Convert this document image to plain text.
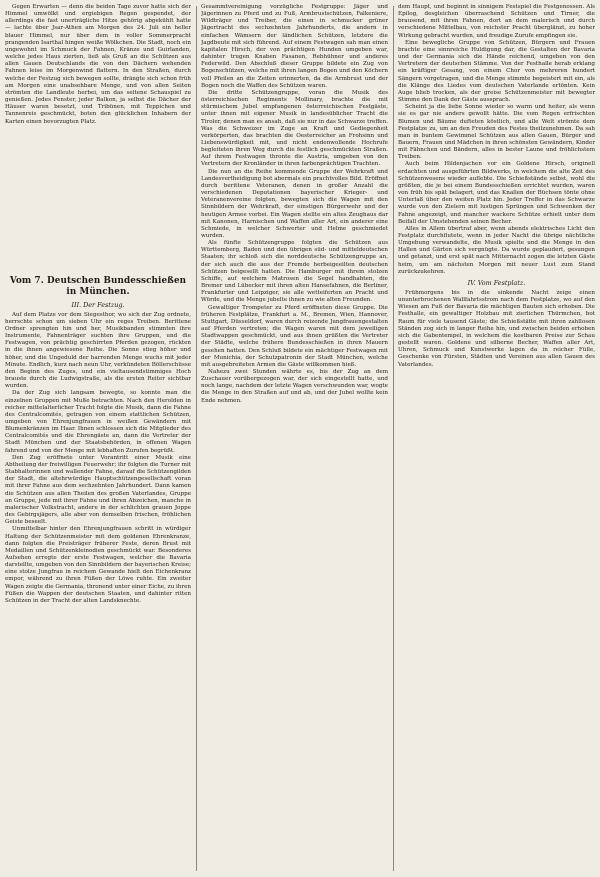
Gegen Erwarten — denn die beiden Tage zuvor hatte sich der Himmel umwölkt und ergiebigen Regen gespendet, der allerdings die fast unerträgliche Hitze gehörig abgekühlt hatte — lachte über Jsar-Athen am Morgen des 24. Juli ein heller blauer Himmel, nur über dem in voller Sommerpracht prangenden Isarthal hingen weiße Wölkchen. Die Stadt, noch ein ungewohnt im Schmuck der Fahnen, Kränze und Guirlanden, welche jedes Haus zierten, ließ als Gruß an die Schützen aus allen Gauen Deutschlands die von den Dächern wehenden Fahnen leise im Morgenwind flattern. In den Straßen, durch welche der Festzug sich bewegen sollte, drängte sich schon früh am Morgen eine unabsehbare Menge, und von allen Seiten strömten die Landleute herbei, um das seltene Schauspiel zu genießen. Jedes Fenster, jeder Balkon, ja selbst die Dächer der Häuser waren besetzt, und Tribünen, mit Teppichen und Tannenreis geschmückt, boten den glücklichen Inhabern der Karten einen bevorzugten Platz.

Vom 7. Deutschen Bundesschießen in München.
III. Der Festzug.

Auf dem Platze vor dem Siegesthor, wo sich der Zug ordnete, herrschte schon um sieben Uhr ein reges Treiben. Berittene Ordner sprengten hin und her, Musikbanden stimmten ihre Instrumente, Fahnenträger suchten ihre Gruppen, und die Festwagen, von prächtig geschirrten Pferden gezogen, rückten in die ihnen angewiesene Reihe. Die Sonne stieg höher und höher, und die Ungeduld der harrenden Menge wuchs mit jeder Minute. Endlich, kurz nach neun Uhr, verkündeten Böllerschüsse den Beginn des Zuges, und ein vieltausendstimmiges Hoch brauste durch die Ludwigstraße, als die ersten Reiter sichtbar wurden.

Da der Zug sich langsam bewegte, so konnte man die einzelnen Gruppen mit Muße betrachten. Nach den Herolden in reicher mittelalterlicher Tracht folgte die Musik, dann die Fahne des Centralcomités, getragen von einem stattlichen Schützen, umgeben von Ehrenjungfrauen in weißen Gewändern mit Blumenkränzen im Haar. Ihnen schlossen sich die Mitglieder des Centralcomités und die Ehrengäste an, dann die Vertreter der Stadt München und der Staatsbehörden, in offenen Wagen fahrend und von der Menge mit lebhaften Zurufen begrüßt.

Den Zug eröffnete unter Vorantritt einer Musik eine Abtheilung der freiwilligen Feuerwehr; ihr folgten die Turner mit Stabhalterinnen und wallender Fahne, darauf die Schützengilden der Stadt, die altehrwürdige Hauptschützengesellschaft voran mit ihrer Fahne aus dem sechzehnten Jahrhundert. Dann kamen die Schützen aus allen Theilen des großen Vaterlandes, Gruppe an Gruppe, jede mit ihrer Fahne und ihren Abzeichen, manche in malerischer Volkstracht, andere in der schlichten grauen Joppe des Gebirgsjägers, alle aber von demselben frischen, fröhlichen Geiste beseelt.

Unmittelbar hinter den Ehrenjungfrauen schritt in würdiger Haltung der Schützenmeister mit dem goldenen Ehrenkranze, dann folgten die Preisträger früherer Feste, deren Brust mit Medaillen und Schützenkleinodien geschmückt war. Besonderes Aufsehen erregte der erste Festwagen, welcher die Bavaria darstellte, umgeben von den Sinnbildern der bayerischen Kreise; eine stolze Jungfrau in reichem Gewande hielt den Eichenkranz empor, während zu ihren Füßen der Löwe ruhte. Ein zweiter Wagen zeigte die Germania, thronend unter einer Eiche, zu ihren Füßen die Wappen der deutschen Staaten, und dahinter ritten Schützen in der Tracht der alten Landsknechte.

Gesammtvereinigung vorzügliche Festgruppe: Jäger und Jägerinnen zu Pferd und zu Fuß, Armbrustschützen, Falkeniere, Wildträger und Treiber, die einen in schmucker grüner Jägertracht des sechzehnten Jahrhunderts, die andern in einfachen Wämsern der ländlichen Schützen, letztere die Jagdbeute mit sich führend. Auf einem Festwagen sah man einen kapitalen Hirsch, der von prächtigen Hunden umgeben war, dahinter trugen Knaben Fasanen, Rebhühner und anderes Federwild. Den Abschluß dieser Gruppe bildete ein Zug von Bogenschützen, welche mit ihren langen Bogen und den Köchern voll Pfeilen an die Zeiten erinnerten, da die Armbrust und der Bogen noch die Waffen des Schützen waren.

Die dritte Schützengruppe, voran die Musik des österreichischen Regiments Mollinary, brachte die mit stürmischem Jubel empfangenen österreichischen Festgäste, unter ihnen mit eigener Musik in landesüblicher Tracht die Tiroler, denen man es ansah, daß sie nur in das Schwarze treffen. Was die Schweizer im Zuge an Kraft und Gediegenheit verkörperten, das brachten die Oesterreicher an Frohsinn und Liebenswürdigkeit mit, und nicht endenwollende Hochrufe begleiteten ihren Weg durch die festlich geschmückten Straßen. Auf ihrem Festwagen thronte die Austria, umgeben von den Vertretern der Kronländer in ihren farbenprächtigen Trachten.

Die nun an die Reihe kommende Gruppe der Wehrkraft und Landesvertheidigung bot abermals ein prachtvolles Bild. Eröffnet durch berittene Veteranen, denen in großer Anzahl die verschiedenen Deputationen bayerischer Krieger- und Veteranenvereine folgten, bewegten sich die Wagen mit den Sinnbildern der Wehrkraft, der einstigen Bürgerwehr und der heutigen Armee vorbei. Ein Wagen stellte ein altes Zeughaus dar mit Kanonen, Harnischen und Waffen aller Art, ein anderer eine Schmiede, in welcher Schwerter und Helme geschmiedet wurden.

Als fünfte Schützengruppe folgten die Schützen aus Württemberg, Baden und den übrigen süd- und mitteldeutschen Staaten; ihr schloß sich die norddeutsche Schützengruppe an, der sich auch die aus der Fremde herbeigeeilten deutschen Schützen beigesellt hatten. Die Hamburger mit ihrem stolzen Schiffe, auf welchem Matrosen die Segel handhabten, die Bremer und Lübecker mit ihren alten Hansefahnen, die Berliner, Frankfurter und Leipziger, sie alle wetteiferten an Pracht und Würde, und die Menge jubelte ihnen zu wie alten Freunden.

Gewaltiger Trompeter zu Pferd eröffneten diese Gruppe. Die früheren Festplätze, Frankfurt a. M., Bremen, Wien, Hannover, Stuttgart, Düsseldorf, waren durch reizende Jungfrauengestalten auf Pferden vertreten; die Wagen waren mit dem jeweiligen Stadtwappen geschmückt, und aus ihnen grüßten die Vertreter der Städte, welche frühere Bundesschießen in ihren Mauern gesehen hatten. Den Schluß bildete ein mächtiger Festwagen mit der Munichia, der Schutzpatronin der Stadt München, welche mit ausgebreiteten Armen die Gäste willkommen hieß.

Nahezu zwei Stunden währte es, bis der Zug an dem Zuschauer vorübergezogen war, der sich eingestellt hatte, und noch lange, nachdem der letzte Wagen verschwunden war, wogte die Menge in den Straßen auf und ab, und der Jubel wollte kein Ende nehmen.

dem Haupt, und beginnt in sinnigem Festspiel die Festgenossen. Als Epilog, desgleichen überraschend Schützen und Tirner, die brausend, mit ihren Fahnen, dort an dem malerisch und durch verschiedene Mittelbau, von reichster Pracht überglänzt, zu hoher Wirkung gebracht wurden, und freudige Zurufe empfingen sie.

Eine bewegliche Gruppe von Schützen, Bürgern und Frauen brachte eine sinnreiche Huldigung dar, die Gestalten der Bavaria und der Germania sich die Hände reichend, umgeben von den Vertretern der deutschen Stämme. Von der Festhalle herab erklang ein kräftiger Gesang, von einem Chor von mehreren hundert Sängern vorgetragen, und die Menge stimmte begeistert mit ein, als die Klänge des Liedes vom deutschen Vaterlande ertönten. Kein Auge blieb trocken, als der greise Schützenmeister mit bewegter Stimme den Dank der Gäste aussprach.

Scheint ja die liebe Sonne wieder so warm und heiter, als wenn sie es gar nie anders gewollt hätte. Die vom Regen erfrischten Blumen und Bäume dufteten köstlich, und alle Welt strömte dem Festplatze zu, um an den Freuden des Festes theilzunehmen. Da sah man in buntem Gewimmel Schützen aus allen Gauen, Bürger und Bauern, Frauen und Mädchen in ihren schönsten Gewändern, Kinder mit Fähnchen und Bändern, alles in bester Laune und fröhlichstem Treiben.

Auch beim Hildenjachen vor ein Goldene Hirsch, originell erdachten und ausgeführten Bildwerks, in welchem die alte Zeit des Schützenwesens wieder auflebte. Die Schießstände selbst, wohl die größten, die je bei einem Bundesschießen errichtet wurden, waren von früh bis spät belagert, und das Knallen der Büchsen tönte ohne Unterlaß über den weiten Platz hin. Jeder Treffer in das Schwarze wurde von den Zielern mit lustigen Sprüngen und Schwenken der Fahne angezeigt, und mancher wackere Schütze erhielt unter dem Beifall der Umstehenden seinen Becher.

Alles in Allem übertraf aber, wenn abends elektrisches Licht den Festplatz durchflutete, wenn in jeder Nacht die übrige nächtliche Umgebung verwandelte, die Musik spielte und die Menge in den Hallen und Gärten sich vergnügte. Da wurde geplaudert, gesungen und getanzt, und erst spät nach Mitternacht zogen die letzten Gäste heim, um am nächsten Morgen mit neuer Lust zum Stand zurückzukehren.

IV. Vom Festplatz.

Frühmorgens bis in die sinkende Nacht zeige einen ununterbrochenen Wallfahrtsstrom nach dem Festplatze, wo auf den Wiesen am Fuß der Bavaria die mächtigen Bauten sich erhoben. Die Festhalle, ein gewaltiger Holzbau mit zierlichen Thürmchen, bot Raum für viele tausend Gäste; die Schießstätte mit ihren zahllosen Ständen zog sich in langer Reihe hin, und zwischen beiden erhoben sich die Gabentempel, in welchem die kostbaren Preise zur Schau gestellt waren. Goldene und silberne Becher, Waffen aller Art, Uhren, Schmuck und Kunstwerke lagen da in reicher Fülle, Geschenke von Fürsten, Städten und Vereinen aus allen Gauen des Vaterlandes.
